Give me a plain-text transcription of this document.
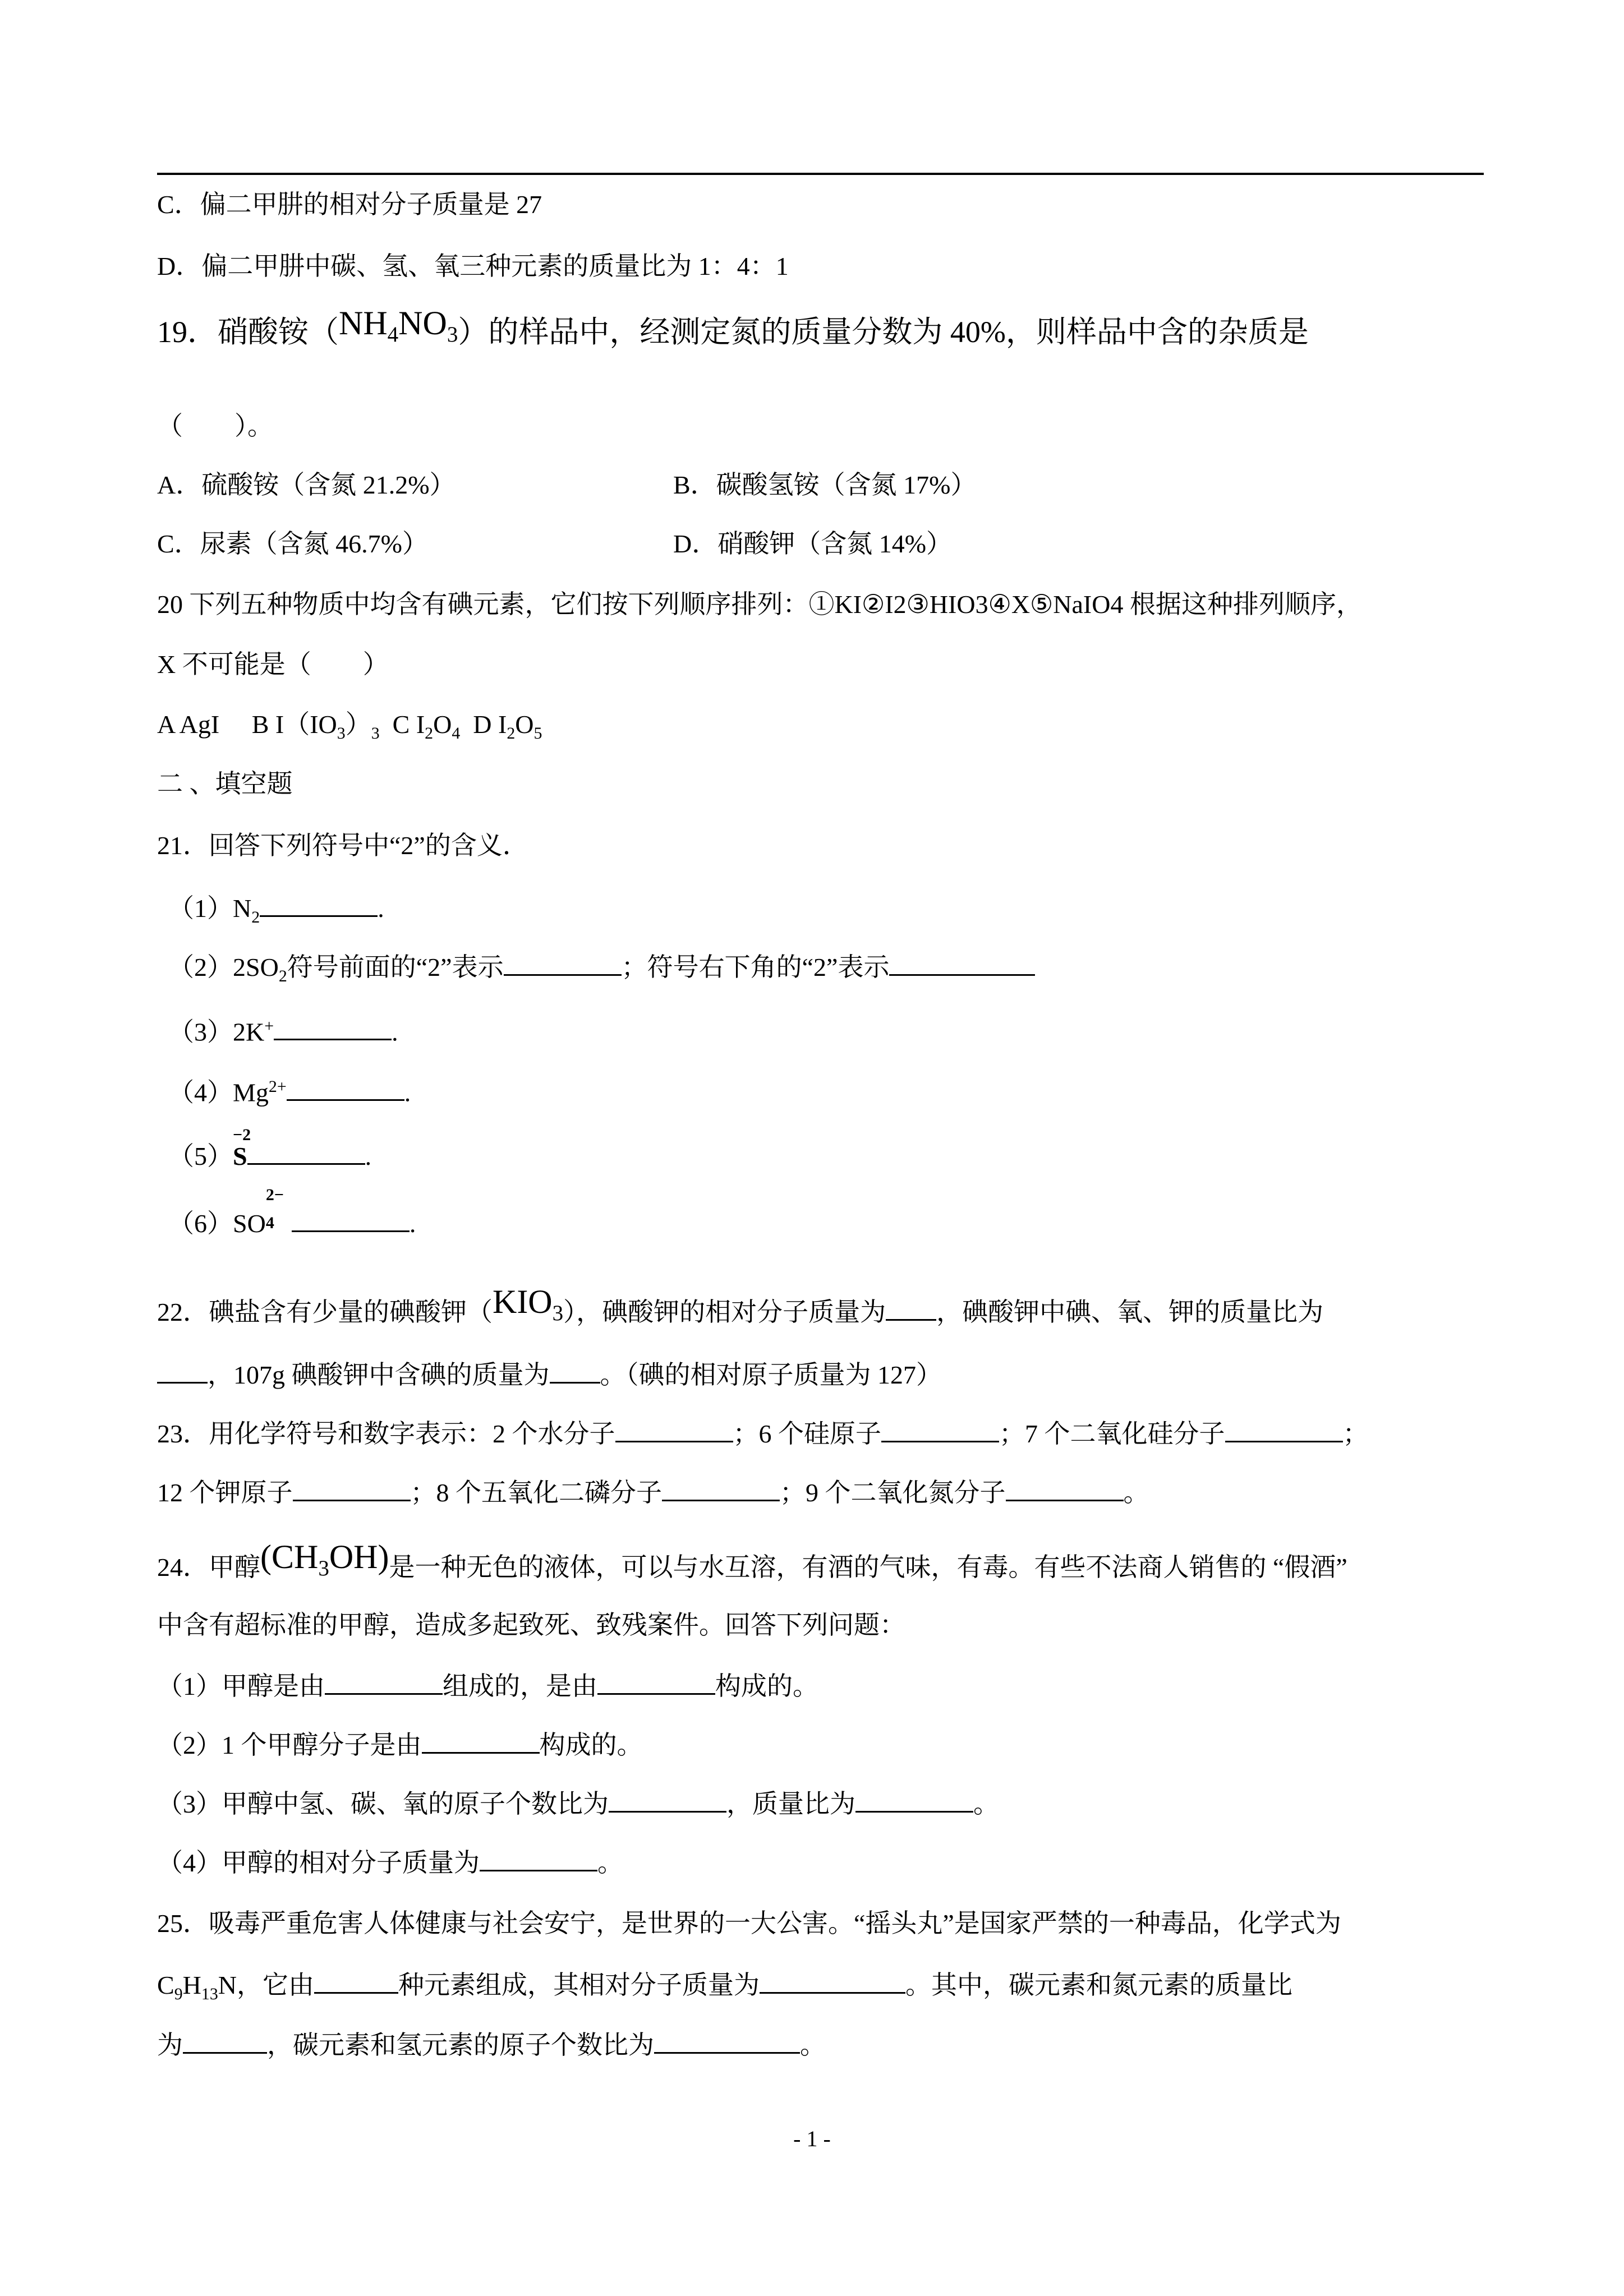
C．偏二甲肼的相对分子质量是 27
D．偏二甲肼中碳、氢、氧三种元素的质量比为 1：4：1
19．硝酸铵$(NH_4NO_3)$的样品中，经测定氮的质量分数为 40%，则样品中含的杂质是
（　　）。
A．硫酸铵（含氮 21.2%）	B．碳酸氢铵（含氮 17%）
C．尿素（含氮 46.7%）	D．硝酸钾（含氮 14%）
20 下列五种物质中均含有碘元素，它们按下列顺序排列：①KI②I2③HIO3④X⑤NaIO4 根据这种排列顺序，
X 不可能是（　　）
A AgI B $I(IO_3)_3$ C $I_2O_4$ D $I_2O_5$
二 、填空题
21．回答下列符号中“2”的含义．
$(1)N_2$	.
$(2)2SO_2$符号前面的“2”表示	；符号右下角的“2”表示
（3）2K+	.
$(4)Mg^{2+}$	.
（5）
−2
S	.
（6）SO
2−
4	.
22．碘盐含有少量的碘酸钾$(KIO_3)$，碘酸钾的相对分子质量为 ，碘酸钾中碘、氧、钾的质量比为
，107g 碘酸钾中含碘的质量为 。（碘的相对原子质量为 127）
23．用化学符号和数字表示：2 个水分子	；6 个硅原子	；7 个二氧化硅分子	；
12 个钾原子	；8 个五氧化二磷分子	；9 个二氧化氮分子	。
24．甲醇$(CH_3OH)$是一种无色的液体，可以与水互溶，有酒的气味，有毒。有些不法商人销售的 “假酒”
中含有超标准的甲醇，造成多起致死、致残案件。回答下列问题：
（1）甲醇是由	组成的，是由	构成的。
（2）1 个甲醇分子是由	构成的。
（3）甲醇中氢、碳、氧的原子个数比为	，质量比为	。
（4）甲醇的相对分子质量为	。
25．吸毒严重危害人体健康与社会安宁，是世界的一大公害。“摇头丸”是国家严禁的一种毒品，化学式为
$C_9H_{13}N$，它由	种元素组成，其相对分子质量为	。其中，碳元素和氮元素的质量比
为	，碳元素和氢元素的原子个数比为	。
- 1 -
